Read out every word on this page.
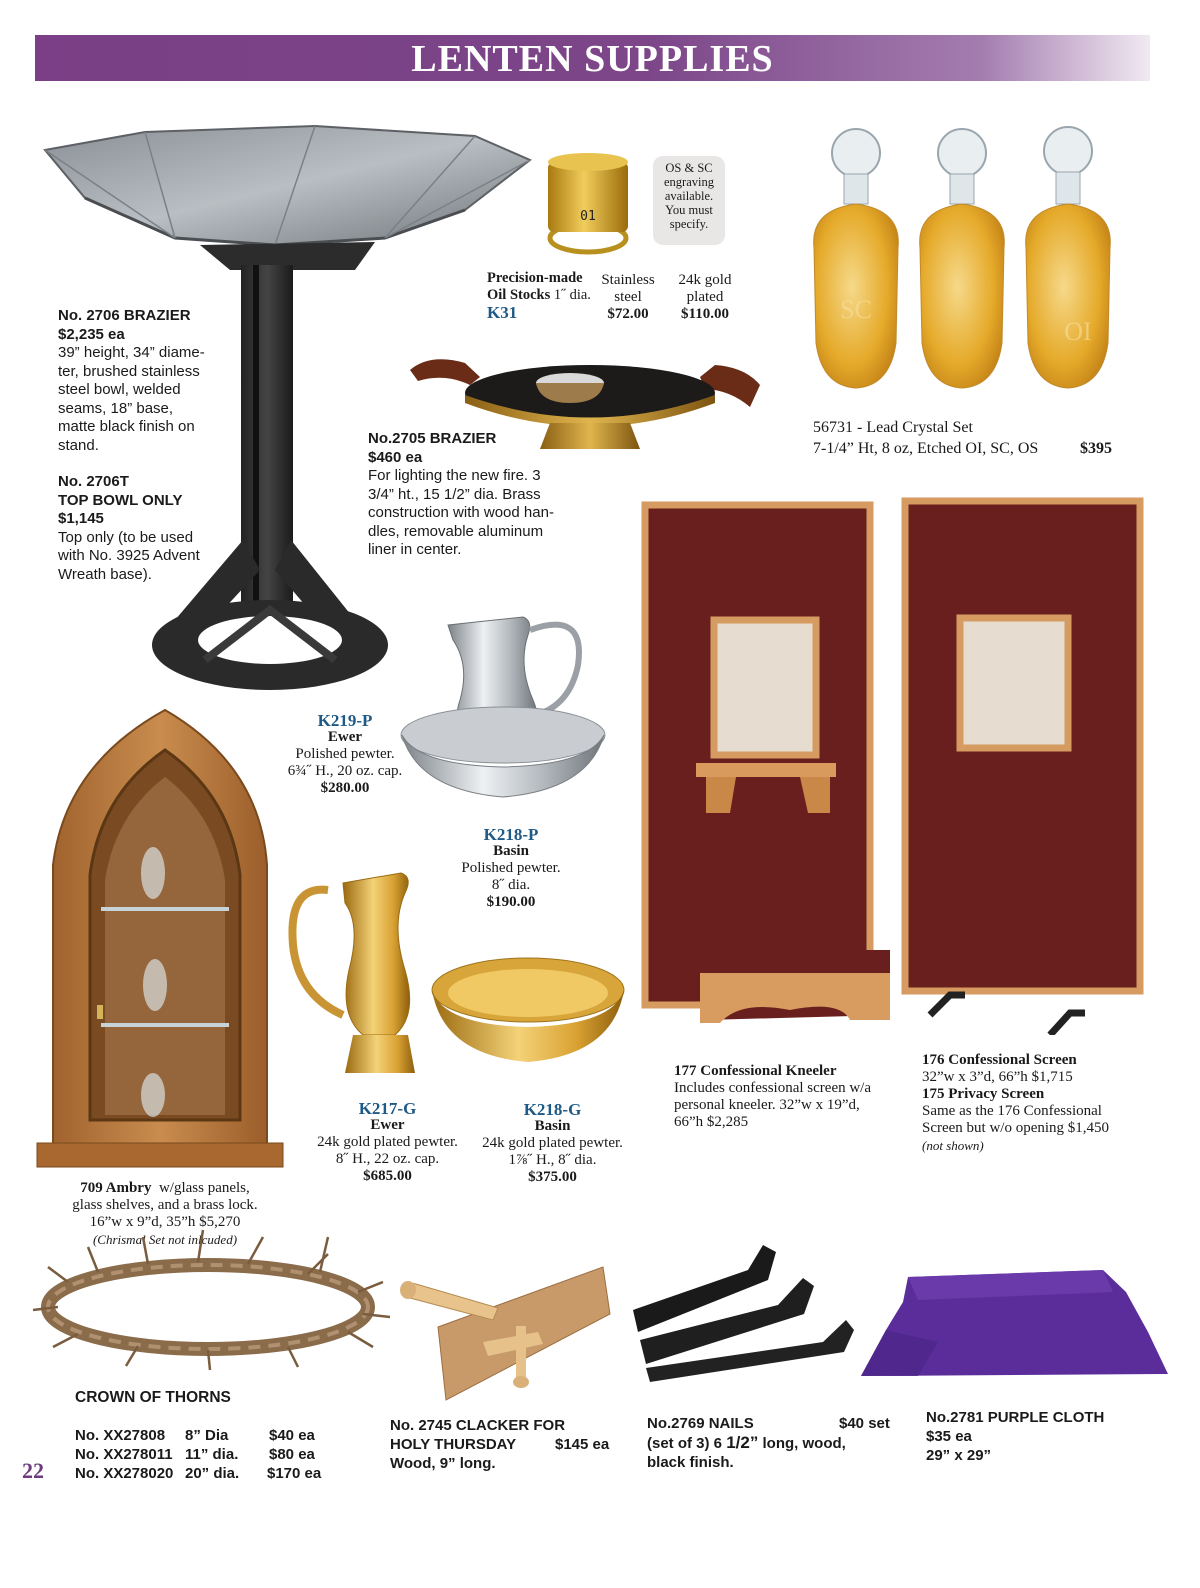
LENTEN SUPPLIES
No. 2706 BRAZIER
$2,235 ea
39” height, 34” diame-
ter, brushed stainless
steel bowl, welded
seams, 18” base,
matte black finish on
stand.
No. 2706T
TOP BOWL ONLY
$1,145
Top only (to be used
with No. 3925 Advent
Wreath base).
01
OS & SC
engraving
available.
You must
specify.
Precision-made
Oil Stocks 1˝ dia.
K31
Stainless
steel
$72.00
24k gold
plated
$110.00
No.2705 BRAZIER
$460 ea
For lighting the new fire. 3
3/4” ht., 15 1/2” dia. Brass
construction with wood han-
dles, removable aluminum
liner in center.
SC
OI
56731 - Lead Crystal Set
7-1/4” Ht, 8 oz, Etched OI, SC, OS	$395
K219-P
Ewer
Polished pewter.
6¾˝ H., 20 oz. cap.
$280.00
K218-P
Basin
Polished pewter.
8˝ dia.
$190.00
K217-G
Ewer
24k gold plated pewter.
8˝ H., 22 oz. cap.
$685.00
K218-G
Basin
24k gold plated pewter.
1⅞˝ H., 8˝ dia.
$375.00
709 Ambry w/glass panels,
glass shelves, and a brass lock.
16”w x 9”d, 35”h $5,270
(Chrismal Set not inlcuded)
177 Confessional Kneeler
Includes confessional screen w/a
personal kneeler. 32”w x 19”d,
66”h $2,285
176 Confessional Screen
32”w x 3”d, 66”h $1,715
175 Privacy Screen
Same as the 176 Confessional
Screen but w/o opening $1,450
(not shown)
CROWN OF THORNS
No. XX27808	8” Dia	$40 ea
No. XX278011 11” dia.	$80 ea
No. XX278020 20” dia.	$170 ea
22
No. 2745 CLACKER FOR
HOLY THURSDAY	$145 ea
Wood, 9” long.
No.2769 NAILS	$40 set
(set of 3) 6 1/2” long, wood,
black finish.
No.2781 PURPLE CLOTH
$35 ea
29” x 29”
